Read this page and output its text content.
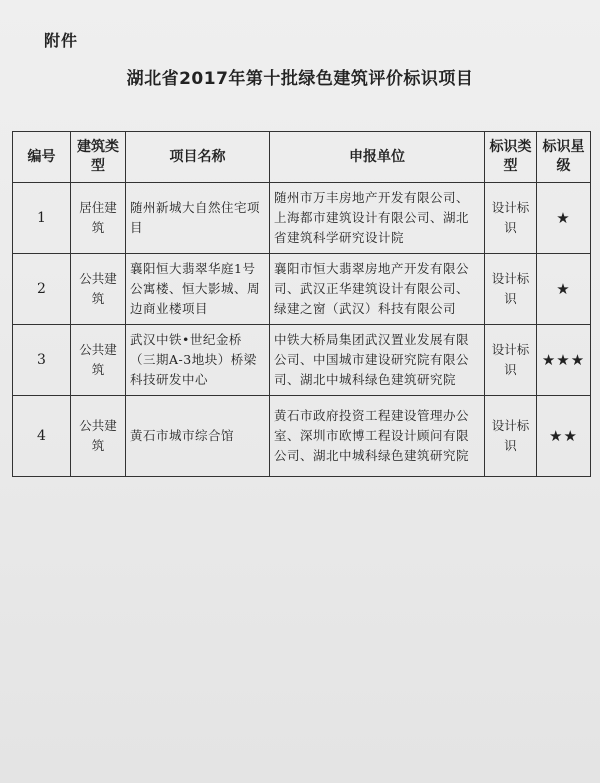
附件
湖北省2017年第十批绿色建筑评价标识项目
编号	建筑类型	项目名称	申报单位	标识类型	标识星级
1	居住建筑	随州新城大自然住宅项目	随州市万丰房地产开发有限公司、上海都市建筑设计有限公司、湖北省建筑科学研究设计院	设计标识	★
2	公共建筑	襄阳恒大翡翠华庭1号公寓楼、恒大影城、周边商业楼项目	襄阳市恒大翡翠房地产开发有限公司、武汉正华建筑设计有限公司、绿建之窗（武汉）科技有限公司	设计标识	★
3	公共建筑	武汉中铁•世纪金桥（三期A-3地块）桥梁科技研发中心	中铁大桥局集团武汉置业发展有限公司、中国城市建设研究院有限公司、湖北中城科绿色建筑研究院	设计标识	★★★
4	公共建筑	黄石市城市综合馆	黄石市政府投资工程建设管理办公室、深圳市欧博工程设计顾问有限公司、湖北中城科绿色建筑研究院	设计标识	★★
